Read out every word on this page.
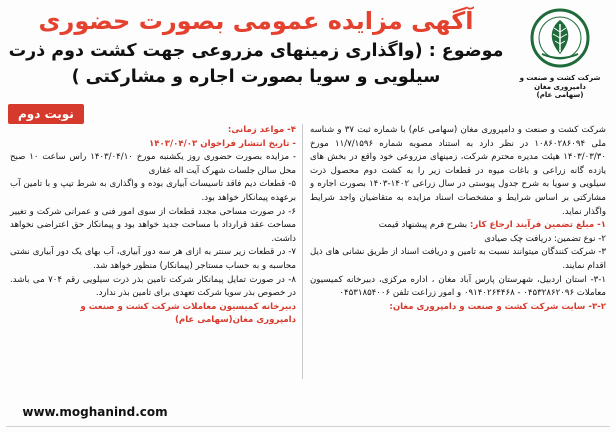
شرکت کشت و صنعت و
دامپروری مغان
(سهامی عام)
آگهی مزایده عمومی بصورت حضوری
موضوع : (واگذاری زمینهای مزروعی جهت کشت دوم ذرت
سیلویی و سویا بصورت اجاره و مشارکتی )
نوبت دوم

شرکت کشت و صنعت و دامپروری مغان (سهامی عام) با شماره ثبت ۳۷ و شناسه ملی ۱۰۸۶۰۲۸۶۰۹۴ در نظر دارد به استناد مصوبه شماره ۱۱/۷/۱۵۹۶ مورخ ۱۴۰۳/۰۳/۳۰ هیئت مدیره محترم شرکت، زمینهای مزروعی خود واقع در بخش های یازده گانه زراعی و باغات میوه در قطعات زیر را به کشت دوم محصول ذرت سیلویی و سویا به شرح جدول پیوستی در سال زراعی ۱۴۰۲-۱۴۰۳ بصورت اجاره و مشارکتی بر اساس شرایط و مشخصات اسناد مزایده به متقاضیان واجد شرایط واگذار نماید.

۱- مبلغ تضمین فرآیند ارجاع کار: بشرح فرم پیشنهاد قیمت

۲- نوع تضمین: دریافت چک صیادی

۳- شرکت کنندگان میتوانند نسبت به تامین و دریافت اسناد از طریق نشانی های ذیل اقدام نمایند.

۳-۱- استان اردبیل، شهرستان پارس آباد مغان ، اداره مرکزی، دبیرخانه کمیسیون معاملات ۰۴۵۳۲۸۶۲۰۹۶ - ۰۹۱۴۰۲۶۴۴۶۸ و امور زراعت تلفن ۰۴۵۳۱۸۵۴۰۰۶

۳-۲- سایت شرکت کشت و صنعت و دامپروری مغان:

۴- مواعد زمانی:

- تاریخ انتشار فراخوان ۱۴۰۳/۰۴/۰۳

- مزایده بصورت حضوری روز یکشنبه مورخ ۱۴۰۳/۰۴/۱۰ راس ساعت ۱۰ صبح محل سالن جلسات شهرک آیت اله غفاری

۵- قطعات دیم فاقد تاسیسات آبیاری بوده و واگذاری به شرط تیپ و با تامین آب برعهده پیمانکار خواهد بود.

۶- در صورت مساحی مجدد قطعات از سوی امور فنی و عمرانی شرکت و تغییر مساحت عقد قرارداد با مساحت جدید خواهد بود و پیمانکار حق اعتراضی نخواهد داشت.

۷- در قطعات زیر سنتر به ازای هر سه دور آبیاری، آب بهای یک دور آبیاری نشتی محاسبه و به حساب مستاجر (پیمانکار) منظور خواهد شد.

۸- در صورت تمایل پیمانکار شرکت تامین بذر ذرت سیلویی رقم ۷۰۴ می باشد. در خصوص بذر سویا شرکت تعهدی برای تامین بذر ندارد.

دبیرخانه کمیسیون معاملات شرکت کشت و صنعت و

دامپروری مغان(سهامی عام)

www.moghanind.com
